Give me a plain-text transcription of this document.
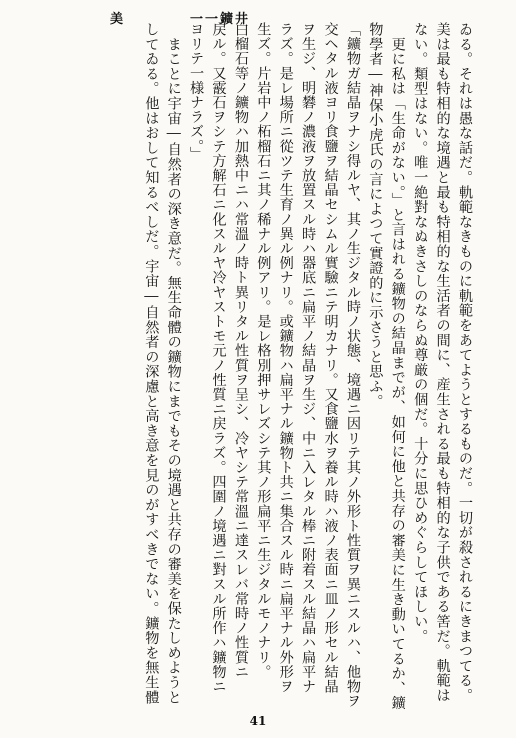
美	一一鑛井

ゐる。それは愚な話だ。軌範なきものに軌範をあてようとするものだ。一切が殺されるにきまつてる。

美は最も特相的な境遇と最も特相的な生活者の間に、産生される最も特相的な子供である筈だ。軌範は

ない。類型はない。唯一絶對なぬきさしのならぬ尊厳の個だ。十分に思ひめぐらしてほしい。

　更に私は「生命がない。」と言はれる鑛物の結晶までが、如何に他と共存の審美に生き動いてるか、鑛

物學者―神保小虎氏の言によつて實證的に示さうと思ふ。

「鑛物ガ結晶ヲナシ得ルヤ、其ノ生ジタル時ノ状態、境遇ニ因リテ其ノ外形ト性質ヲ異ニスルハ、他物ヲ

交ヘタル液ヨリ食鹽ヲ結晶セシムル實驗ニテ明カナリ。又食鹽水ヲ養ル時ハ液ノ表面ニ皿ノ形セル結晶

ヲ生ジ、明礬ノ濃液ヲ放置スル時ハ器底ニ扁平ノ結晶ヲ生ジ、中ニ入レタル棒ニ附着スル結晶ハ扁平ナ

ラズ。是レ場所ニ從ツテ生育ノ異ル例ナリ。或鑛物ハ扁平ナル鑛物ト共ニ集合スル時ニ扁平ナル外形ヲ

生ズ。片岩中ノ柘榴石ニ其ノ稀ナル例アリ。是レ格別押サレズシテ其ノ形扁平ニ生ジタルモノナリ。

白榴石等ノ鑛物ハ加熱中ニハ常溫ノ時ト異リタル性質ヲ呈シ、冷ヤシテ常溫ニ達スレバ常時ノ性質ニ

戻ル。又霰石ヲシテ方解石ニ化スルヤ冷ヤストモ元ノ性質ニ戻ラズ。四圍ノ境遇ニ對スル所作ハ鑛物ニ

ヨリテ一様ナラズ。」

　まことに宇宙―自然者の深き意だ。無生命體の鑛物にまでもその境遇と共存の審美を保たしめようと

してゐる。他はおして知るべしだ。宇宙―自然者の深慮と高き意を見のがすべきでない。鑛物を無生體

41
